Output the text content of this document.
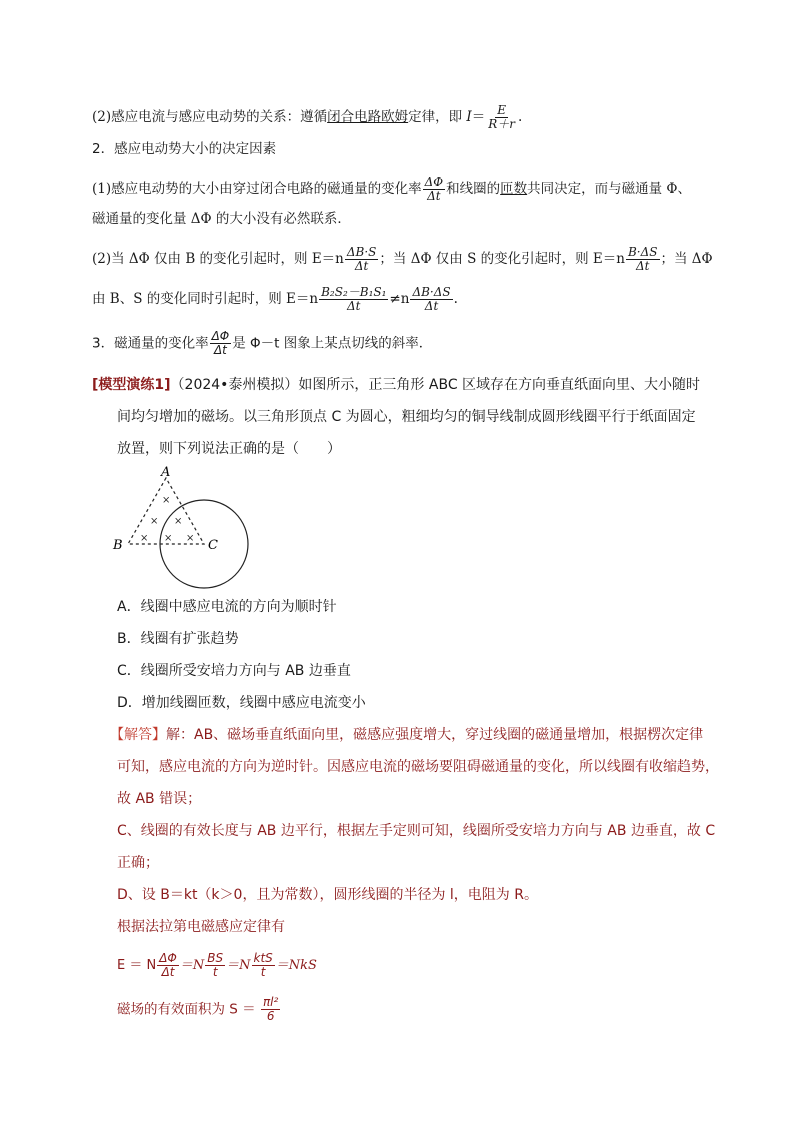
(2)感应电流与感应电动势的关系：遵循闭合电路欧姆定律，即 $I= \frac{E}{R+r}$ .
2．感应电动势大小的决定因素
(1)感应电动势的大小由穿过闭合电路的磁通量的变化率 $\frac{\Delta\Phi}{\Delta t}$ 和线圈的匝数共同决定，而与磁通量 Φ、
磁通量的变化量 ΔΦ 的大小没有必然联系．
(2)当 ΔΦ 仅由 B 的变化引起时，则 $E=n \frac{\Delta B\cdot S}{\Delta t}$ ；当 ΔΦ 仅由 S 的变化引起时，则 $E=n \frac{B\cdot\Delta S}{\Delta t}$ ；当 ΔΦ
由 B、S 的变化同时引起时，则 $E=n \frac{\text{B₂S₂－B₁S₁}}{\Delta t} \ne n \frac{\Delta B\cdot\Delta S}{\Delta t}$ .
3．磁通量的变化率 $\frac{\Delta\Phi}{\Delta t}$ 是 Φ－t 图象上某点切线的斜率．
[模型演练1]（2024•泰州模拟）如图所示，正三角形 ABC 区域存在方向垂直纸面向里、大小随时
间均匀增加的磁场。以三角形顶点 C 为圆心，粗细均匀的铜导线制成圆形线圈平行于纸面固定
放置，则下列说法正确的是（　　）
A
B	C
×
× ×
× × ×
A．线圈中感应电流的方向为顺时针
B．线圈有扩张趋势
C．线圈所受安培力方向与 AB 边垂直
D．增加线圈匝数，线圈中感应电流变小
【解答】解：AB、磁场垂直纸面向里，磁感应强度增大，穿过线圈的磁通量增加，根据楞次定律
可知，感应电流的方向为逆时针。因感应电流的磁场要阻碍磁通量的变化，所以线圈有收缩趋势，
故 AB 错误；
C、线圈的有效长度与 AB 边平行，根据左手定则可知，线圈所受安培力方向与 AB 边垂直，故 C
正确；
D、设 B＝kt（k＞0，且为常数），圆形线圈的半径为 l，电阻为 R。
根据法拉第电磁感应定律有
E ＝ N $\frac{\Delta\Phi}{\Delta t} =N \frac{BS}{t} =N \frac{\text{ktS}}{t} =NkS$
磁场的有效面积为 $S = \frac{\text{πl²}}{6}$
